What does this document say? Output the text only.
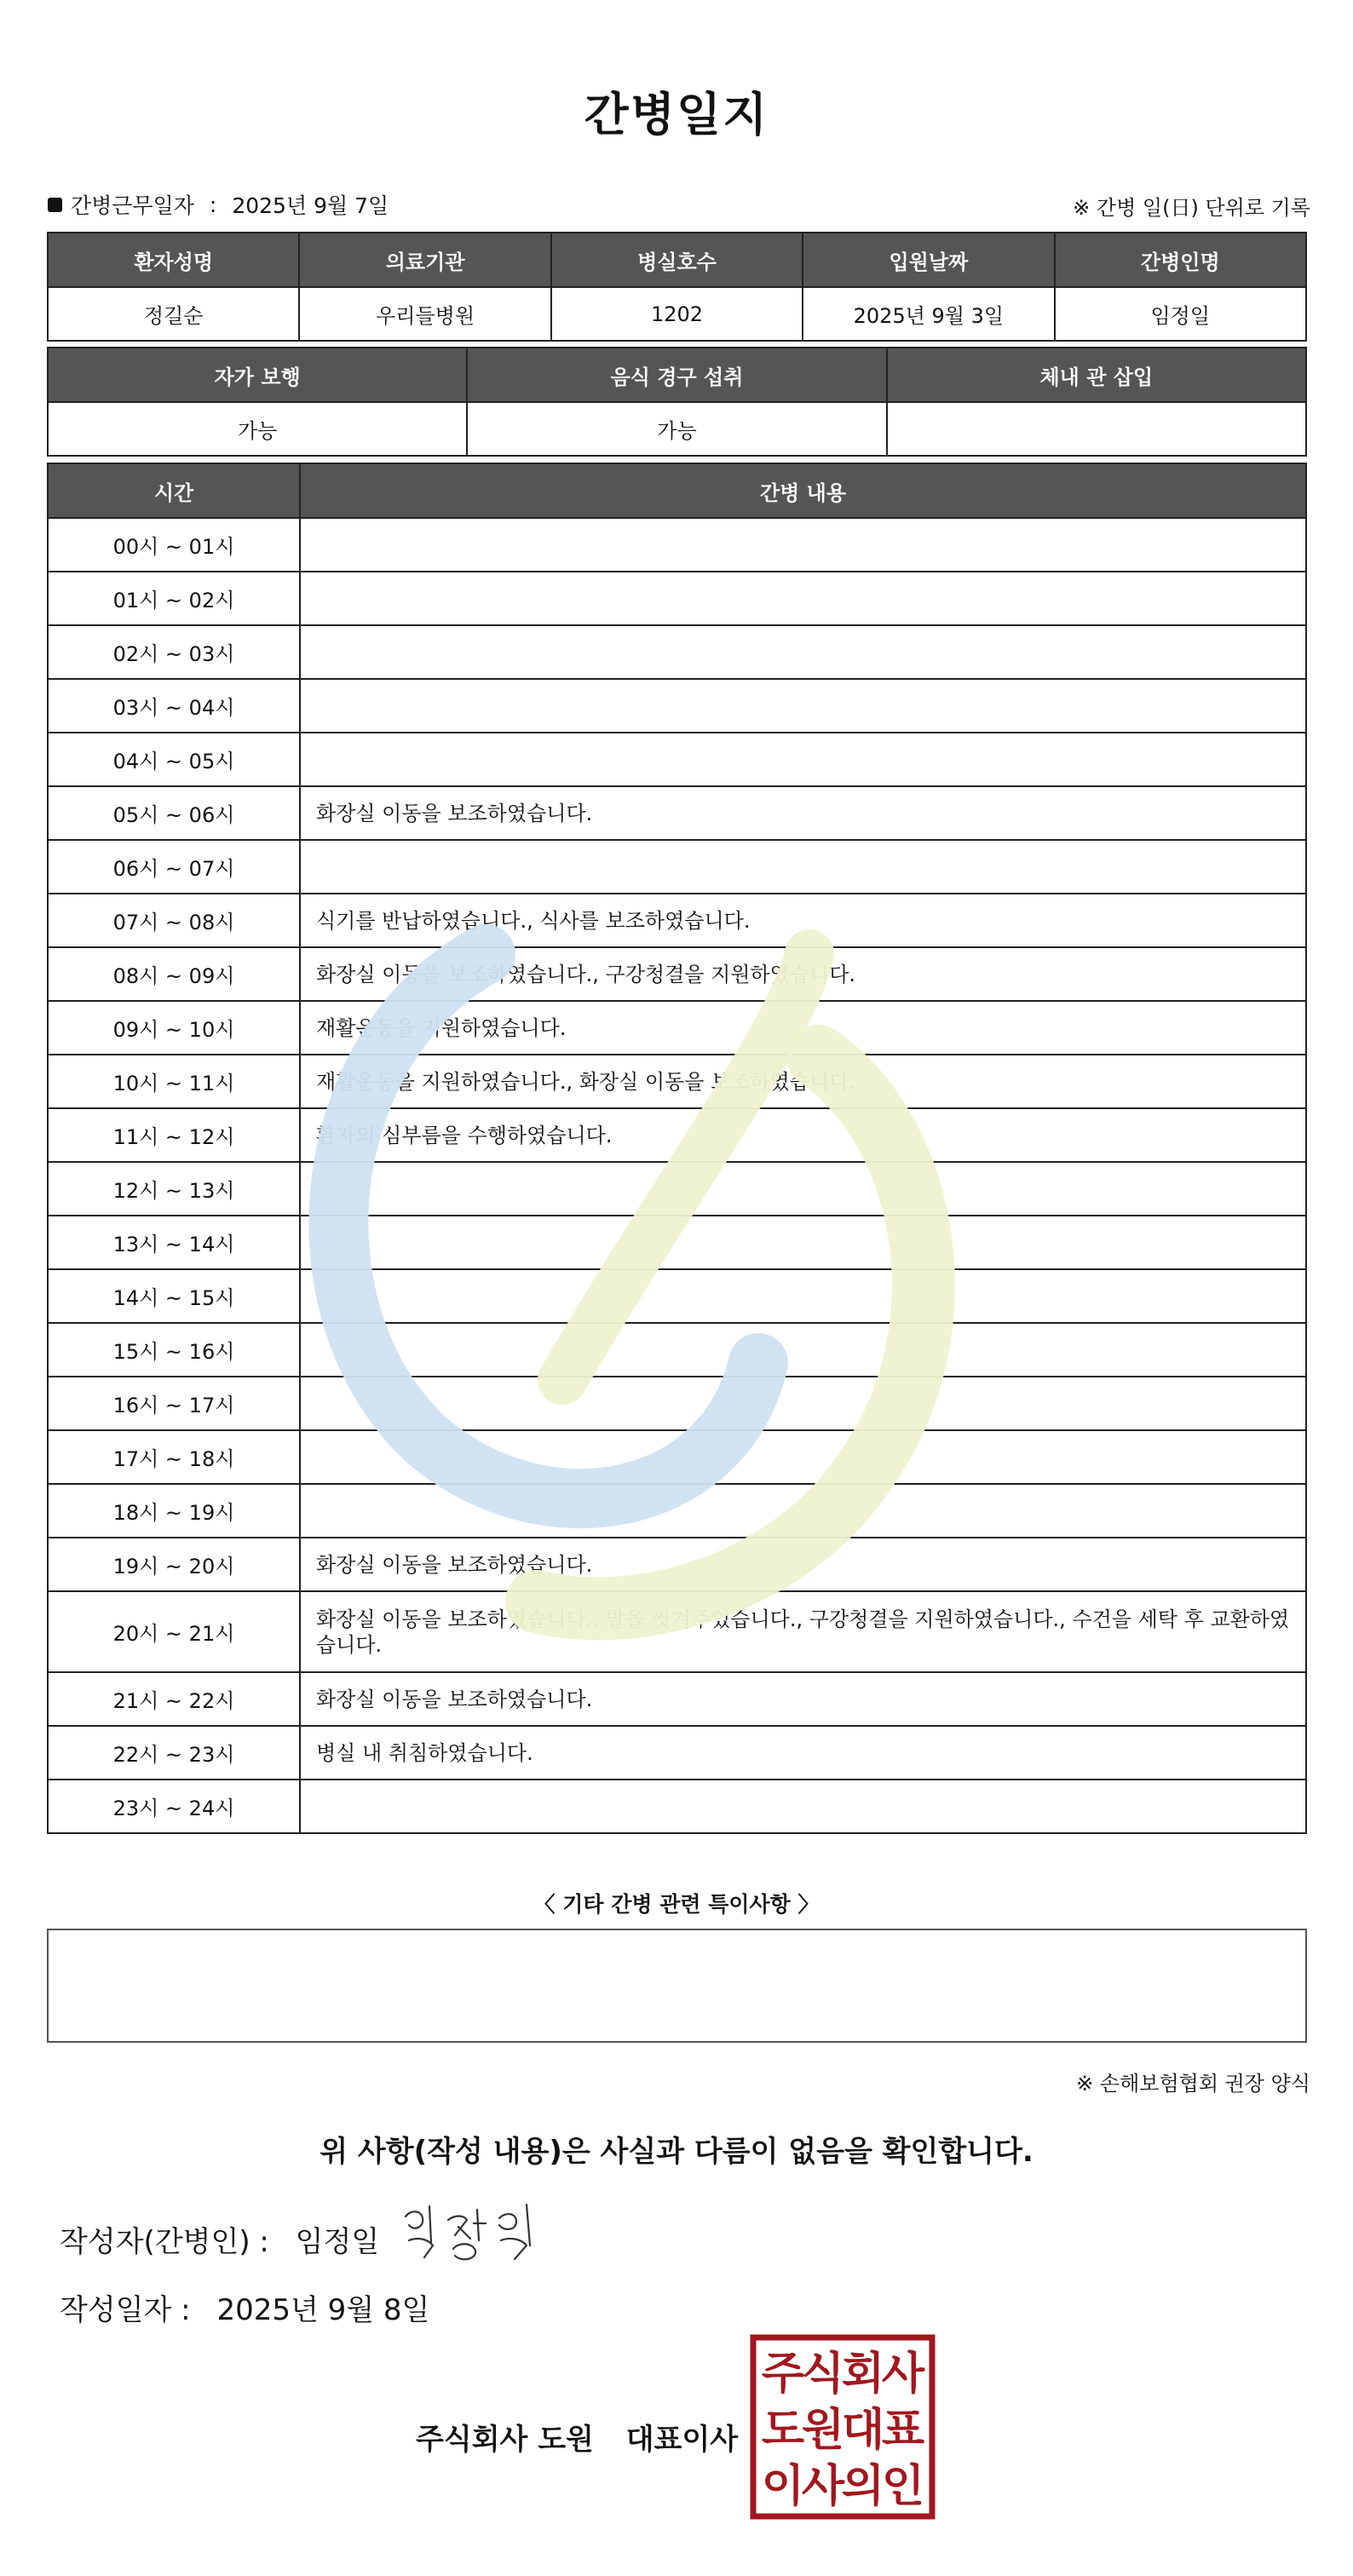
간병일지
간병근무일자 : 2025년 9월 7일	※ 간병 일(日) 단위로 기록
환자성명	의료기관	병실호수	입원날짜	간병인명
정길순	우리들병원	1202	2025년 9월 3일	임정일
자가 보행	음식 경구 섭취	체내 관 삽입
가능	가능	
시간	간병 내용
00시 ~ 01시	
01시 ~ 02시	
02시 ~ 03시	
03시 ~ 04시	
04시 ~ 05시	
05시 ~ 06시	화장실 이동을 보조하였습니다.
06시 ~ 07시	
07시 ~ 08시	식기를 반납하였습니다., 식사를 보조하였습니다.
08시 ~ 09시	화장실 이동을 보조하였습니다., 구강청결을 지원하였습니다.
09시 ~ 10시	재활운동을 지원하였습니다.
10시 ~ 11시	재활운동을 지원하였습니다., 화장실 이동을 보조하였습니다.
11시 ~ 12시	환자의 심부름을 수행하였습니다.
12시 ~ 13시	
13시 ~ 14시	
14시 ~ 15시	
15시 ~ 16시	
16시 ~ 17시	
17시 ~ 18시	
18시 ~ 19시	
19시 ~ 20시	화장실 이동을 보조하였습니다.
20시 ~ 21시	화장실 이동을 보조하였습니다., 발을 씻겨주었습니다., 구강청결을 지원하였습니다., 수건을 세탁 후 교환하였습니다.
21시 ~ 22시	화장실 이동을 보조하였습니다.
22시 ~ 23시	병실 내 취침하였습니다.
23시 ~ 24시	
〈 기타 간병 관련 특이사항 〉
※ 손해보험협회 권장 양식
위 사항(작성 내용)은 사실과 다름이 없음을 확인합니다.
작성자(간병인) : 임정일
작성일자 : 2025년 9월 8일
주식회사 도원 대표이사
주
식
회
사
도
원
대
표
이
사
의
인
